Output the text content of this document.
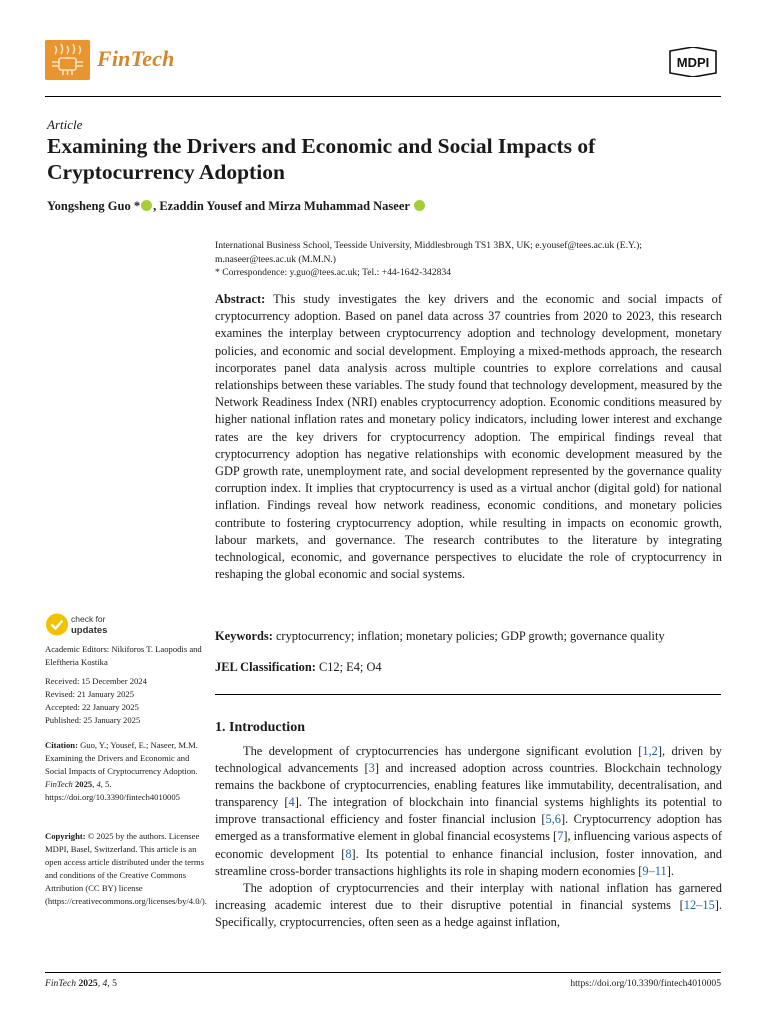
FinTech	MDPI
Article
Examining the Drivers and Economic and Social Impacts of Cryptocurrency Adoption
Yongsheng Guo * , Ezaddin Yousef and Mirza Muhammad Naseer

International Business School, Teesside University, Middlesbrough TS1 3BX, UK; e.yousef@tees.ac.uk (E.Y.);

m.naseer@tees.ac.uk (M.M.N.)

* Correspondence: y.guo@tees.ac.uk; Tel.: +44-1642-342834

Abstract: This study investigates the key drivers and the economic and social impacts of cryptocurrency adoption. Based on panel data across 37 countries from 2020 to 2023, this research examines the interplay between cryptocurrency adoption and technology development, monetary policies, and economic and social development. Employing a mixed-methods approach, the research incorporates panel data analysis across multiple countries to explore correlations and causal relationships between these variables. The study found that technology development, measured by the Network Readiness Index (NRI) enables cryptocurrency adoption. Economic conditions measured by higher national inflation rates and monetary policy indicators, including lower interest and exchange rates are the key drivers for cryptocurrency adoption. The empirical findings reveal that cryptocurrency adoption has negative relationships with economic development measured by the GDP growth rate, unemployment rate, and social development represented by the governance quality corruption index. It implies that cryptocurrency is used as a virtual anchor (digital gold) for national inflation. Findings reveal how network readiness, economic conditions, and monetary policies contribute to fostering cryptocurrency adoption, while resulting in impacts on economic growth, labour markets, and governance. The research contributes to the literature by integrating technological, economic, and governance perspectives to elucidate the role of cryptocurrency in reshaping the global economic and social systems.
Keywords: cryptocurrency; inflation; monetary policies; GDP growth; governance quality
JEL Classification: C12; E4; O4
1. Introduction

The development of cryptocurrencies has undergone significant evolution [1,2], driven by technological advancements [3] and increased adoption across countries. Blockchain technology remains the backbone of cryptocurrencies, enabling features like immutability, decentralisation, and transparency [4]. The integration of blockchain into financial systems highlights its potential to improve transactional efficiency and foster financial inclusion [5,6]. Cryptocurrency adoption has emerged as a transformative element in global financial ecosystems [7], influencing various aspects of economic development [8]. Its potential to enhance financial inclusion, foster innovation, and streamline cross-border transactions highlights its role in shaping modern economies [9–11].

The adoption of cryptocurrencies and their interplay with national inflation has garnered increasing academic interest due to their disruptive potential in financial systems [12–15]. Specifically, cryptocurrencies, often seen as a hedge against inflation,

check for
updates
Academic Editors: Nikiforos T. Laopodis and Eleftheria Kostika

Received: 15 December 2024

Revised: 21 January 2025

Accepted: 22 January 2025

Published: 25 January 2025

Citation: Guo, Y.; Yousef, E.; Naseer, M.M. Examining the Drivers and Economic and Social Impacts of Cryptocurrency Adoption. FinTech 2025, 4, 5. https://doi.org/10.3390/fintech4010005
Copyright: © 2025 by the authors. Licensee MDPI, Basel, Switzerland. This article is an open access article distributed under the terms and conditions of the Creative Commons Attribution (CC BY) license (https://creativecommons.org/licenses/by/4.0/).
FinTech 2025, 4, 5	https://doi.org/10.3390/fintech4010005
